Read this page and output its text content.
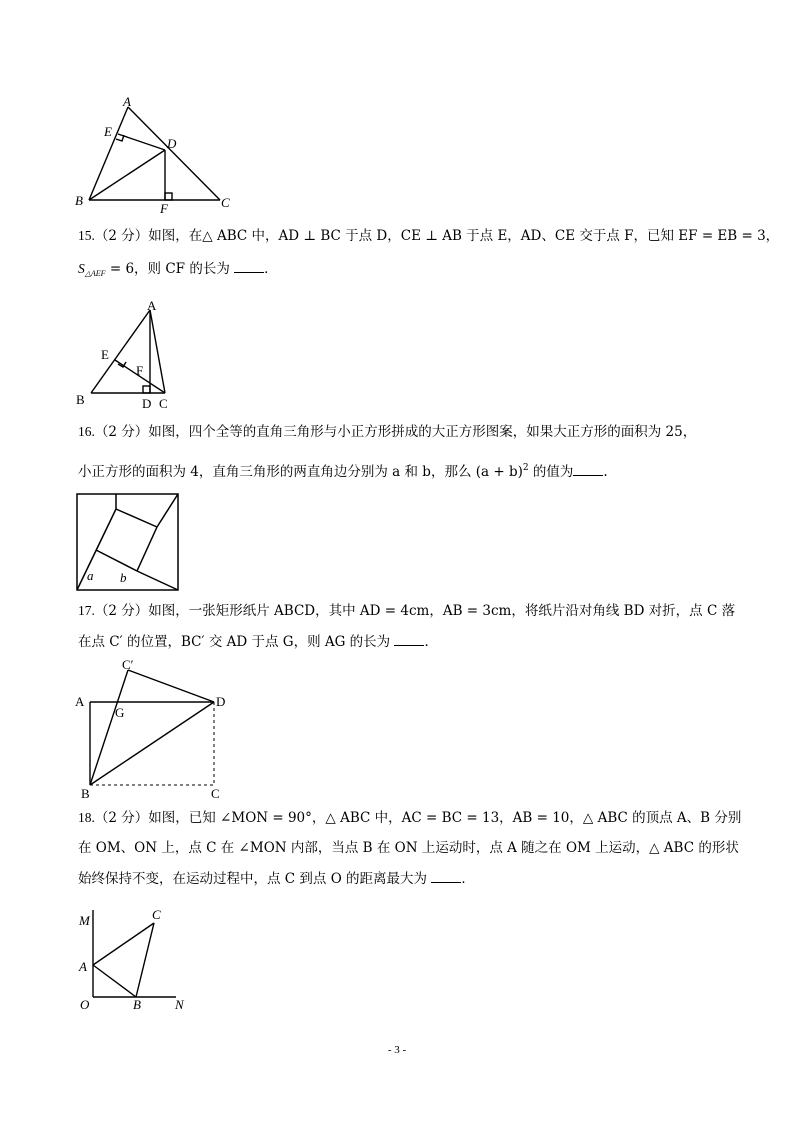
A
E
D
B
F	C

15.（2 分）如图，在△ ABC 中，AD ⊥ BC 于点 D，CE ⊥ AB 于点 E，AD、CE 交于点 F，已知 EF = EB = 3，

$S_{\triangle AEF} = 6$，则 CF 的长为 ．

A
E
F
B	D C

16.（2 分）如图，四个全等的直角三角形与小正方形拼成的大正方形图案，如果大正方形的面积为 25，

小正方形的面积为 4，直角三角形的两直角边分别为 a 和 b，那么 $(a + b)^2$ 的值为 .

a b

17.（2 分）如图，一张矩形纸片 ABCD，其中 AD = 4cm，AB = 3cm，将纸片沿对角线 BD 对折，点 C 落

在点 C′ 的位置，BC′ 交 AD 于点 G，则 AG 的长为 ．

C′
A
G
D
B	C

18.（2 分）如图，已知 ∠MON = 90°，△ ABC 中，AC = BC = 13，AB = 10，△ ABC 的顶点 A、B 分别

在 OM、ON 上，点 C 在 ∠MON 内部，当点 B 在 ON 上运动时，点 A 随之在 OM 上运动，△ ABC 的形状

始终保持不变，在运动过程中，点 C 到点 O 的距离最大为 ．

M	C
A
O	B	N
- 3 -
